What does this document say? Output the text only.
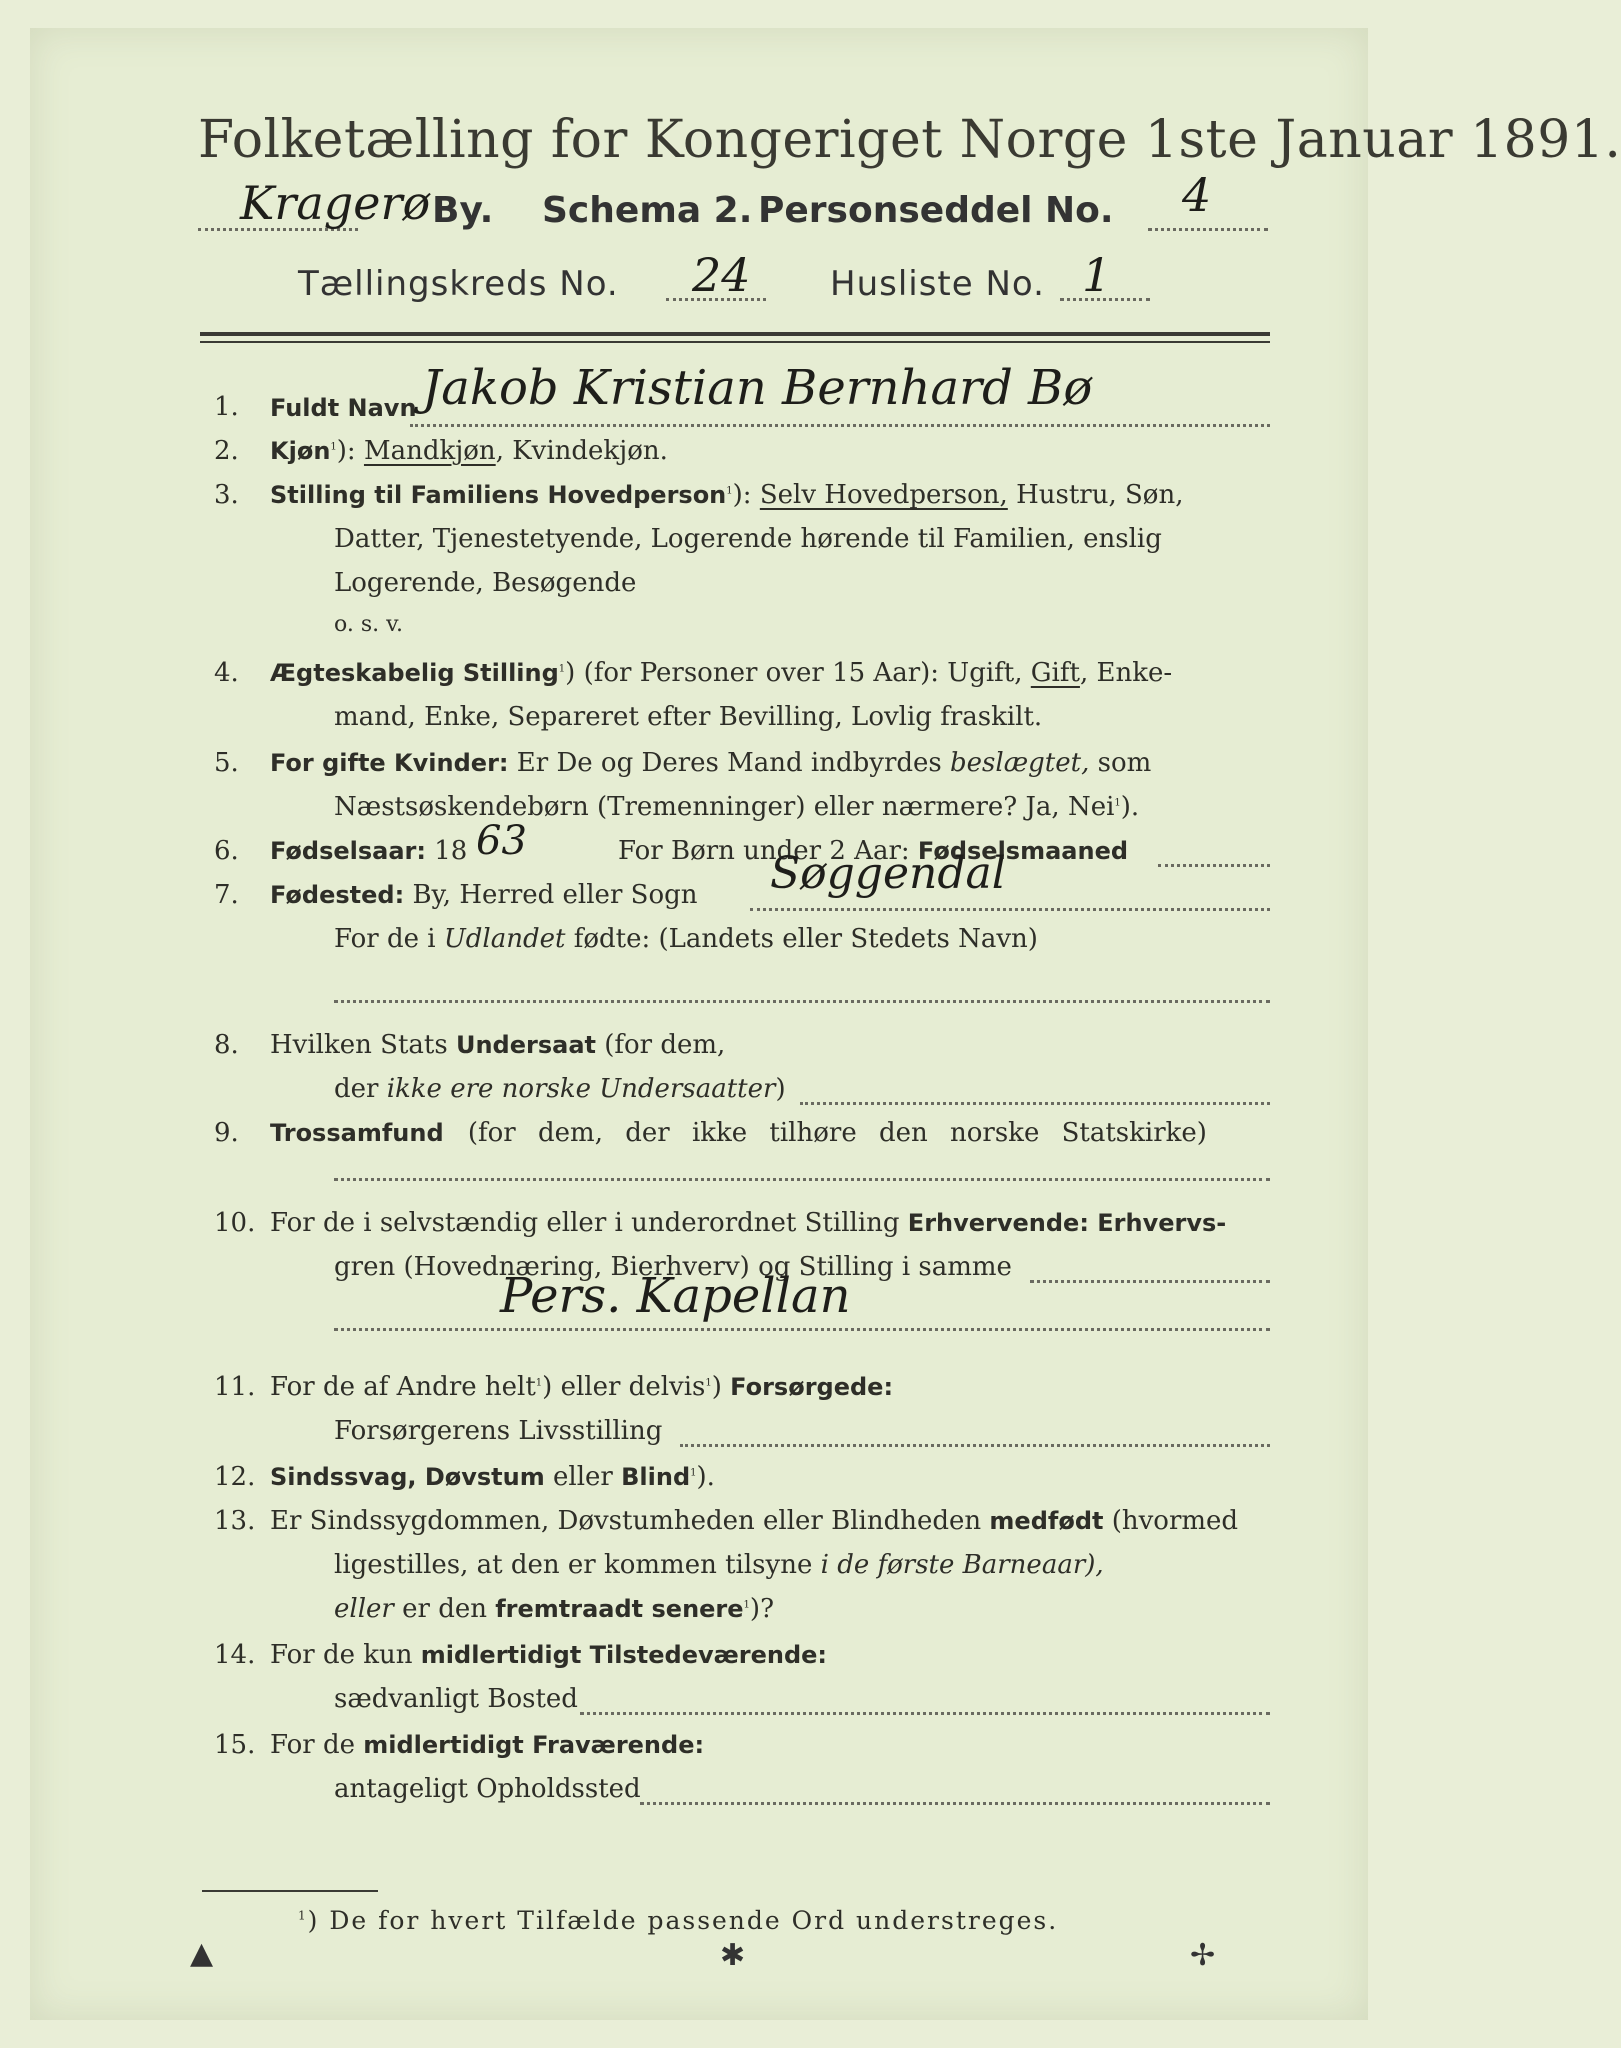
Folketælling for Kongeriget Norge 1ste Januar 1891.
Kragerø By. Schema 2. Personseddel No. 4
Tællingskreds No. 24 Husliste No. 1
1. Fuldt Navn Jakob Kristian Bernhard Bø
2. Kjøn$^1$): Mandkjøn, Kvindekjøn.
3. Stilling til Familiens Hovedperson$^1$): Selv Hovedperson, Hustru, Søn,
Datter, Tjenestetyende, Logerende hørende til Familien, enslig
Logerende, Besøgende
o. s. v.
4. Ægteskabelig Stilling$^1$) (for Personer over 15 Aar): Ugift, Gift, Enke-
mand, Enke, Separeret efter Bevilling, Lovlig fraskilt.
5. For gifte Kvinder: Er De og Deres Mand indbyrdes beslægtet, som
Næstsøskendebørn (Tremenninger) eller nærmere? Ja, Nei$^1$).
6. Fødselsaar: 18 63	For Børn under 2 Aar: Fødselsmaaned
7. Fødested: By, Herred eller Sogn Søggendal
For de i Udlandet fødte: (Landets eller Stedets Navn)
8. Hvilken Stats Undersaat (for dem,
der ikke ere norske Undersaatter)
9. Trossamfund (for dem, der ikke tilhøre den norske Statskirke)
10. For de i selvstændig eller i underordnet Stilling Erhvervende: Erhvervs-
gren (Hovednæring, Bierhverv) og Stilling i samme
Pers. Kapellan
11. For de af Andre helt$^1$) eller delvis$^1$) Forsørgede:
Forsørgerens Livsstilling
12. Sindssvag, Døvstum eller Blind$^1$).
13. Er Sindssygdommen, Døvstumheden eller Blindheden medfødt (hvormed
ligestilles, at den er kommen tilsyne i de første Barneaar),
eller er den fremtraadt senere$^1$)?
14. For de kun midlertidigt Tilstedeværende:
sædvanligt Bosted
15. For de midlertidigt Fraværende:
antageligt Opholdssted
$^1$) De for hvert Tilfælde passende Ord understreges.
▲	✱	✢
